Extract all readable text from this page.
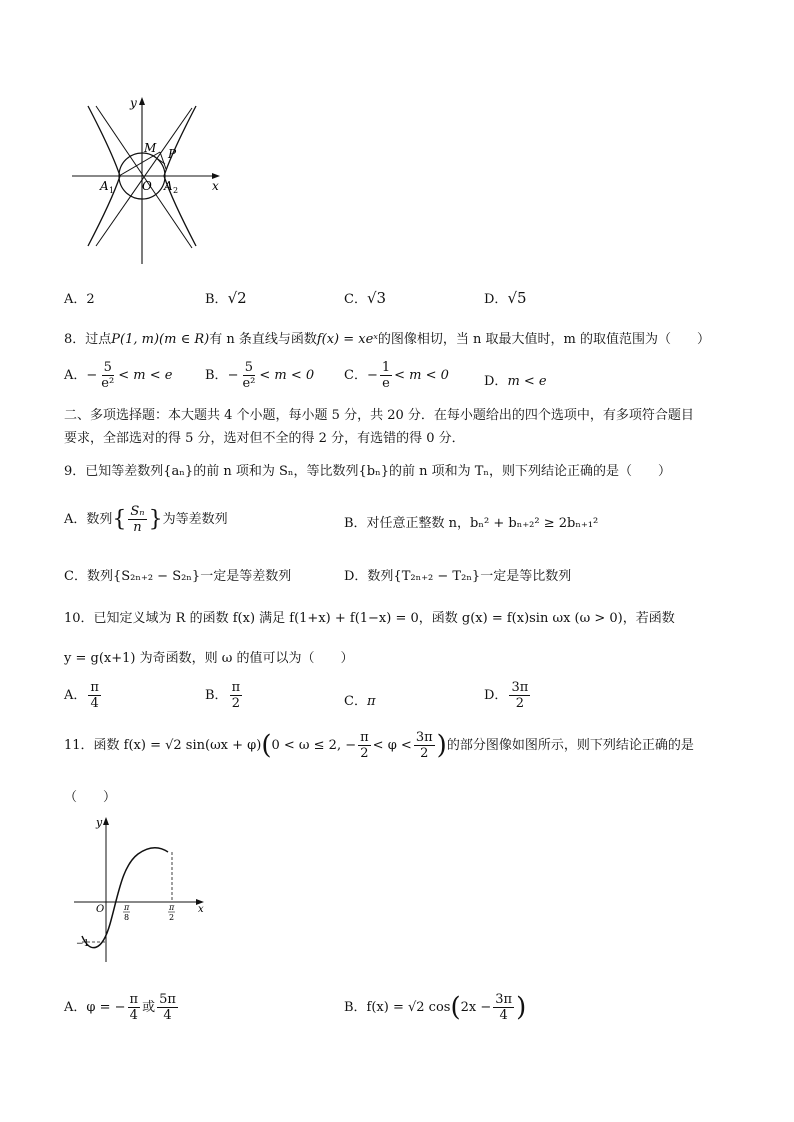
y
x
M P
A 1 O A 2
A．2	B．√2	C．√3	D．√5
8．过点P(1, m)(m ∈ R)有 n 条直线与函数f(x) = xeˣ的图像相切，当 n 取最大值时，m 的取值范围为（　　）
A．− $\frac{5}{\text{e²}} < m < e$	B．− $\frac{5}{\text{e²}} < m < 0$ C．− $\frac{1}{e} < m < 0$	D．m < e
二、多项选择题：本大题共 4 个小题，每小题 5 分，共 20 分．在每小题给出的四个选项中，有多项符合题目
要求，全部选对的得 5 分，选对但不全的得 2 分，有选错的得 0 分．
9．已知等差数列{aₙ}的前 n 项和为 Sₙ，等比数列{bₙ}的前 n 项和为 Tₙ，则下列结论正确的是（　　）
A．数列{ $\frac{\text{Sₙ}}{n}$ }为等差数列	B．对任意正整数 n，bₙ² + bₙ₊₂² ≥ 2bₙ₊₁²
C．数列{S₂ₙ₊₂ − S₂ₙ}一定是等差数列	D．数列{T₂ₙ₊₂ − T₂ₙ}一定是等比数列
10．已知定义域为 R 的函数 f(x) 满足 f(1+x) + f(1−x) = 0，函数 g(x) = f(x)sin ωx (ω > 0)，若函数
y = g(x+1) 为奇函数，则 ω 的值可以为（　　）
A． $\frac{\pi}{4}$	B． $\frac{\pi}{2}$	C．π	D． $\frac{3\pi}{2}$
11．函数 f(x) = √2 sin(ωx + φ)(0 < ω ≤ 2, − $\frac{\pi}{2} < \varphi < \frac{3\pi}{2}$ )的部分图像如图所示，则下列结论正确的是
（　　）
y
O π
8
π
2
x
−1
A．φ = − $\frac{\pi}{4}$ 或 $\frac{5\pi}{4}$	B．f(x) = √2 $\cos(2x - \frac{3\pi}{4}$ )
